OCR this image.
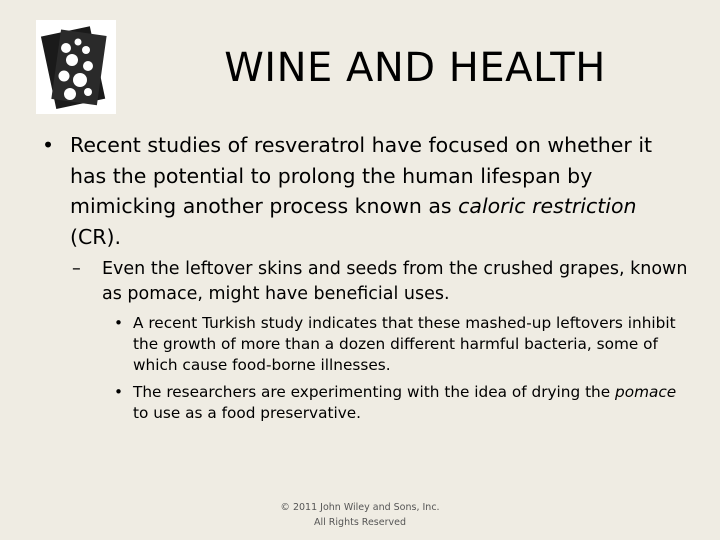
WINE AND HEALTH
• Recent studies of resveratrol have focused on whether it has the potential to prolong the human lifespan by mimicking another process known as caloric restriction (CR).
– Even the leftover skins and seeds from the crushed grapes, known as pomace, might have beneficial uses.
• A recent Turkish study indicates that these mashed-up leftovers inhibit the growth of more than a dozen different harmful bacteria, some of which cause food-borne illnesses.
• The researchers are experimenting with the idea of drying the pomace to use as a food preservative.
© 2011 John Wiley and Sons, Inc.
All Rights Reserved
